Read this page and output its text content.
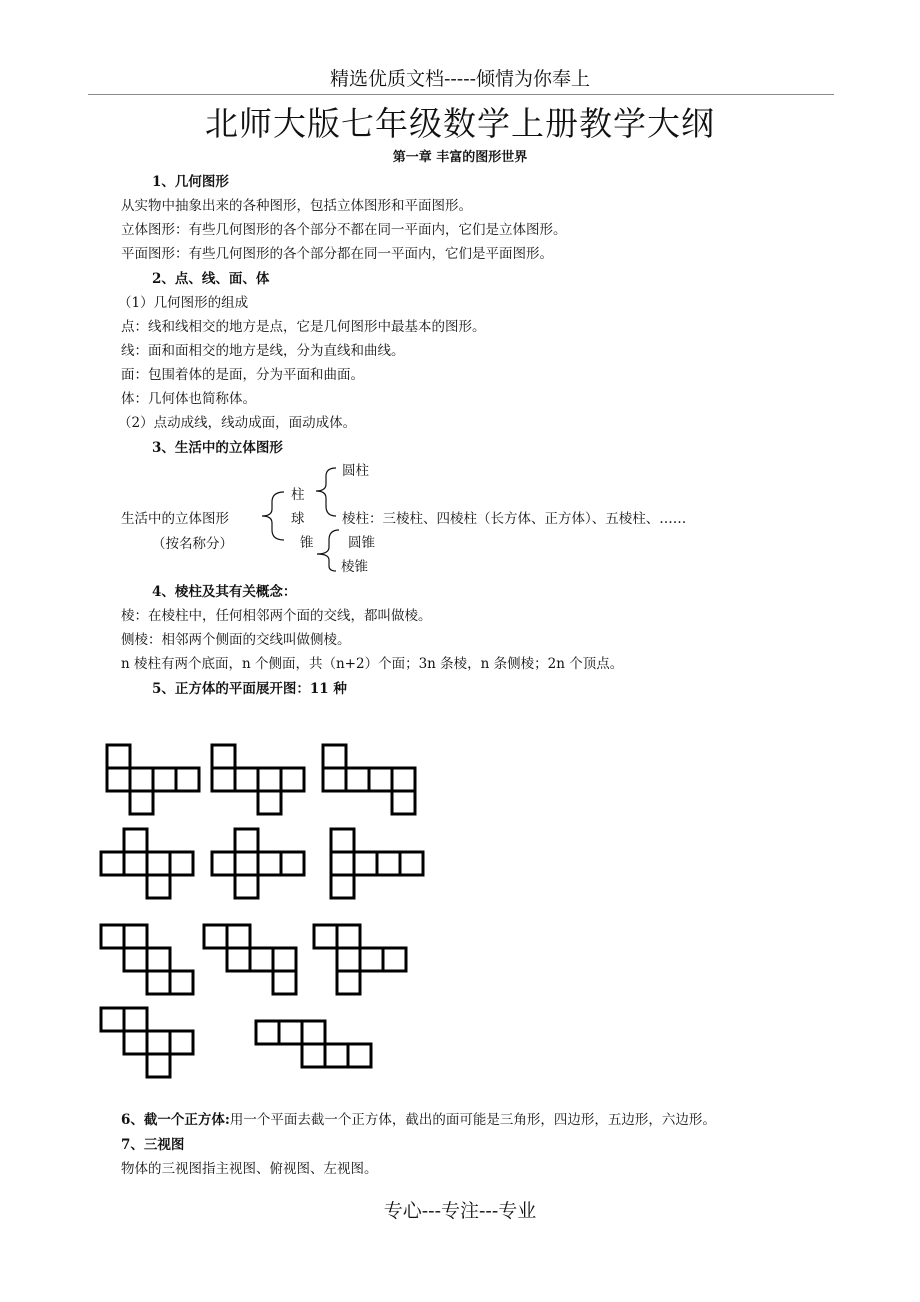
精选优质文档-----倾情为你奉上
北师大版七年级数学上册教学大纲
第一章 丰富的图形世界
1、几何图形
从实物中抽象出来的各种图形，包括立体图形和平面图形。
立体图形：有些几何图形的各个部分不都在同一平面内，它们是立体图形。
平面图形：有些几何图形的各个部分都在同一平面内，它们是平面图形。
2、点、线、面、体
（1）几何图形的组成
点：线和线相交的地方是点，它是几何图形中最基本的图形。
线：面和面相交的地方是线，分为直线和曲线。
面：包围着体的是面，分为平面和曲面。
体：几何体也简称体。
（2）点动成线，线动成面，面动成体。
3、生活中的立体图形
生活中的立体图形
（按名称分）
柱
球
锥
圆柱
棱柱：三棱柱、四棱柱（长方体、正方体）、五棱柱、……
圆锥
棱锥
4、棱柱及其有关概念：
棱：在棱柱中，任何相邻两个面的交线，都叫做棱。
侧棱：相邻两个侧面的交线叫做侧棱。
n 棱柱有两个底面，n 个侧面，共（n+2）个面；3n 条棱，n 条侧棱；2n 个顶点。
5、正方体的平面展开图：11 种
6、截一个正方体:用一个平面去截一个正方体，截出的面可能是三角形，四边形，五边形，六边形。
7、三视图
物体的三视图指主视图、俯视图、左视图。
专心---专注---专业
